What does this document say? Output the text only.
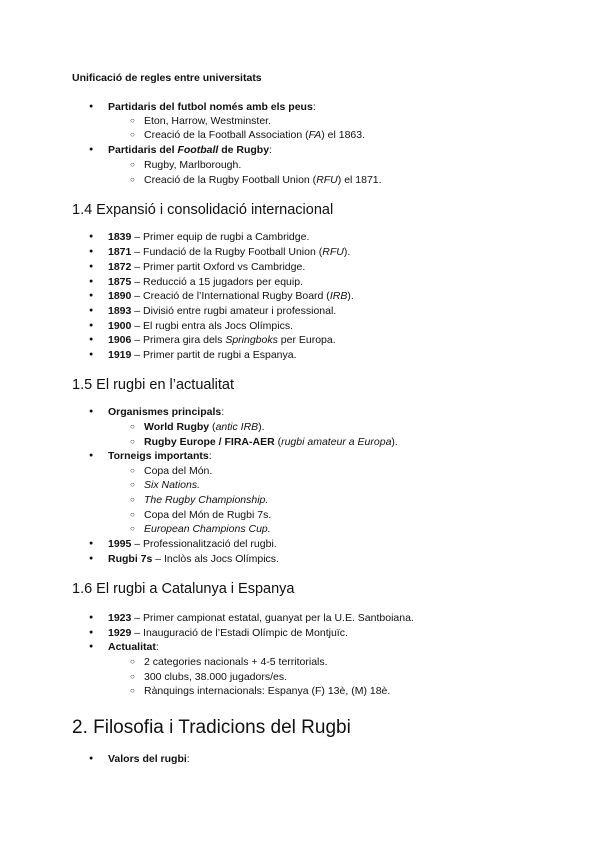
Unificació de regles entre universitats
● Partidaris del futbol només amb els peus:
○ Eton, Harrow, Westminster.
○ Creació de la Football Association (FA) el 1863.
● Partidaris del Football de Rugby:
○ Rugby, Marlborough.
○ Creació de la Rugby Football Union (RFU) el 1871.
1.4 Expansió i consolidació internacional
● 1839 – Primer equip de rugbi a Cambridge.
● 1871 – Fundació de la Rugby Football Union (RFU).
● 1872 – Primer partit Oxford vs Cambridge.
● 1875 – Reducció a 15 jugadors per equip.
● 1890 – Creació de l’International Rugby Board (IRB).
● 1893 – Divisió entre rugbi amateur i professional.
● 1900 – El rugbi entra als Jocs Olímpics.
● 1906 – Primera gira dels Springboks per Europa.
● 1919 – Primer partit de rugbi a Espanya.
1.5 El rugbi en l’actualitat
● Organismes principals:
○ World Rugby (antic IRB).
○ Rugby Europe / FIRA-AER (rugbi amateur a Europa).
● Torneigs importants:
○ Copa del Món.
○ Six Nations.
○ The Rugby Championship.
○ Copa del Món de Rugbi 7s.
○ European Champions Cup.
● 1995 – Professionalització del rugbi.
● Rugbi 7s – Inclòs als Jocs Olímpics.
1.6 El rugbi a Catalunya i Espanya
● 1923 – Primer campionat estatal, guanyat per la U.E. Santboiana.
● 1929 – Inauguració de l’Estadi Olímpic de Montjuïc.
● Actualitat:
○ 2 categories nacionals + 4-5 territorials.
○ 300 clubs, 38.000 jugadors/es.
○ Rànquings internacionals: Espanya (F) 13è, (M) 18è.
2. Filosofia i Tradicions del Rugbi
● Valors del rugbi:
